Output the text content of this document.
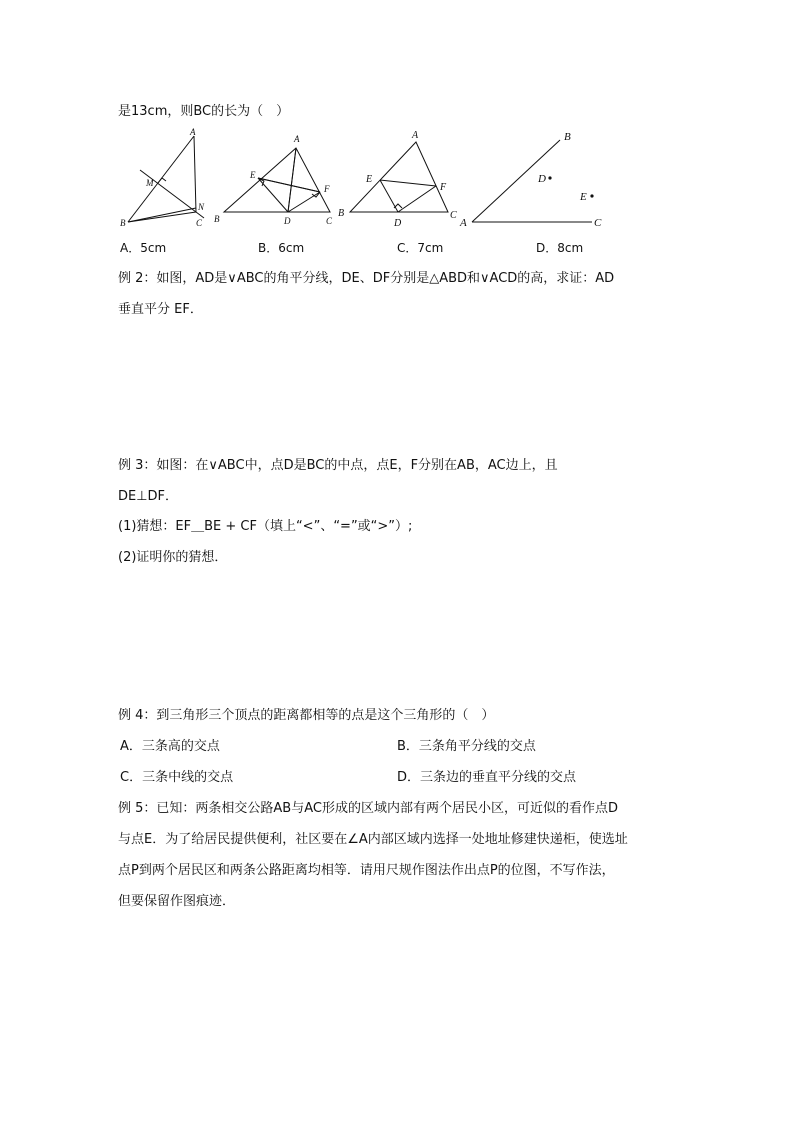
是13cm，则BC的长为（　）
A
M
N
B	C
A
E
F
B	D	C
A
E
F
B
D
C
B
D
E
A	C
A．5cm	B．6cm	C．7cm	D．8cm
例 2：如图，AD是∨ABC的角平分线，DE、DF分别是△ABD和∨ACD的高，求证：AD
垂直平分 EF．
例 3：如图：在∨ABC中，点D是BC的中点，点E，F分别在AB，AC边上，且
DE⊥DF．
(1)猜想：EF＿BE + CF（填上“<”、“=”或“>”）;
(2)证明你的猜想．
例 4：到三角形三个顶点的距离都相等的点是这个三角形的（　）
A．三条高的交点	B．三条角平分线的交点
C．三条中线的交点	D．三条边的垂直平分线的交点
例 5：已知：两条相交公路AB与AC形成的区域内部有两个居民小区，可近似的看作点D
与点E．为了给居民提供便利，社区要在∠A内部区域内选择一处地址修建快递柜，使选址
点P到两个居民区和两条公路距离均相等．请用尺规作图法作出点P的位图，不写作法，
但要保留作图痕迹．
